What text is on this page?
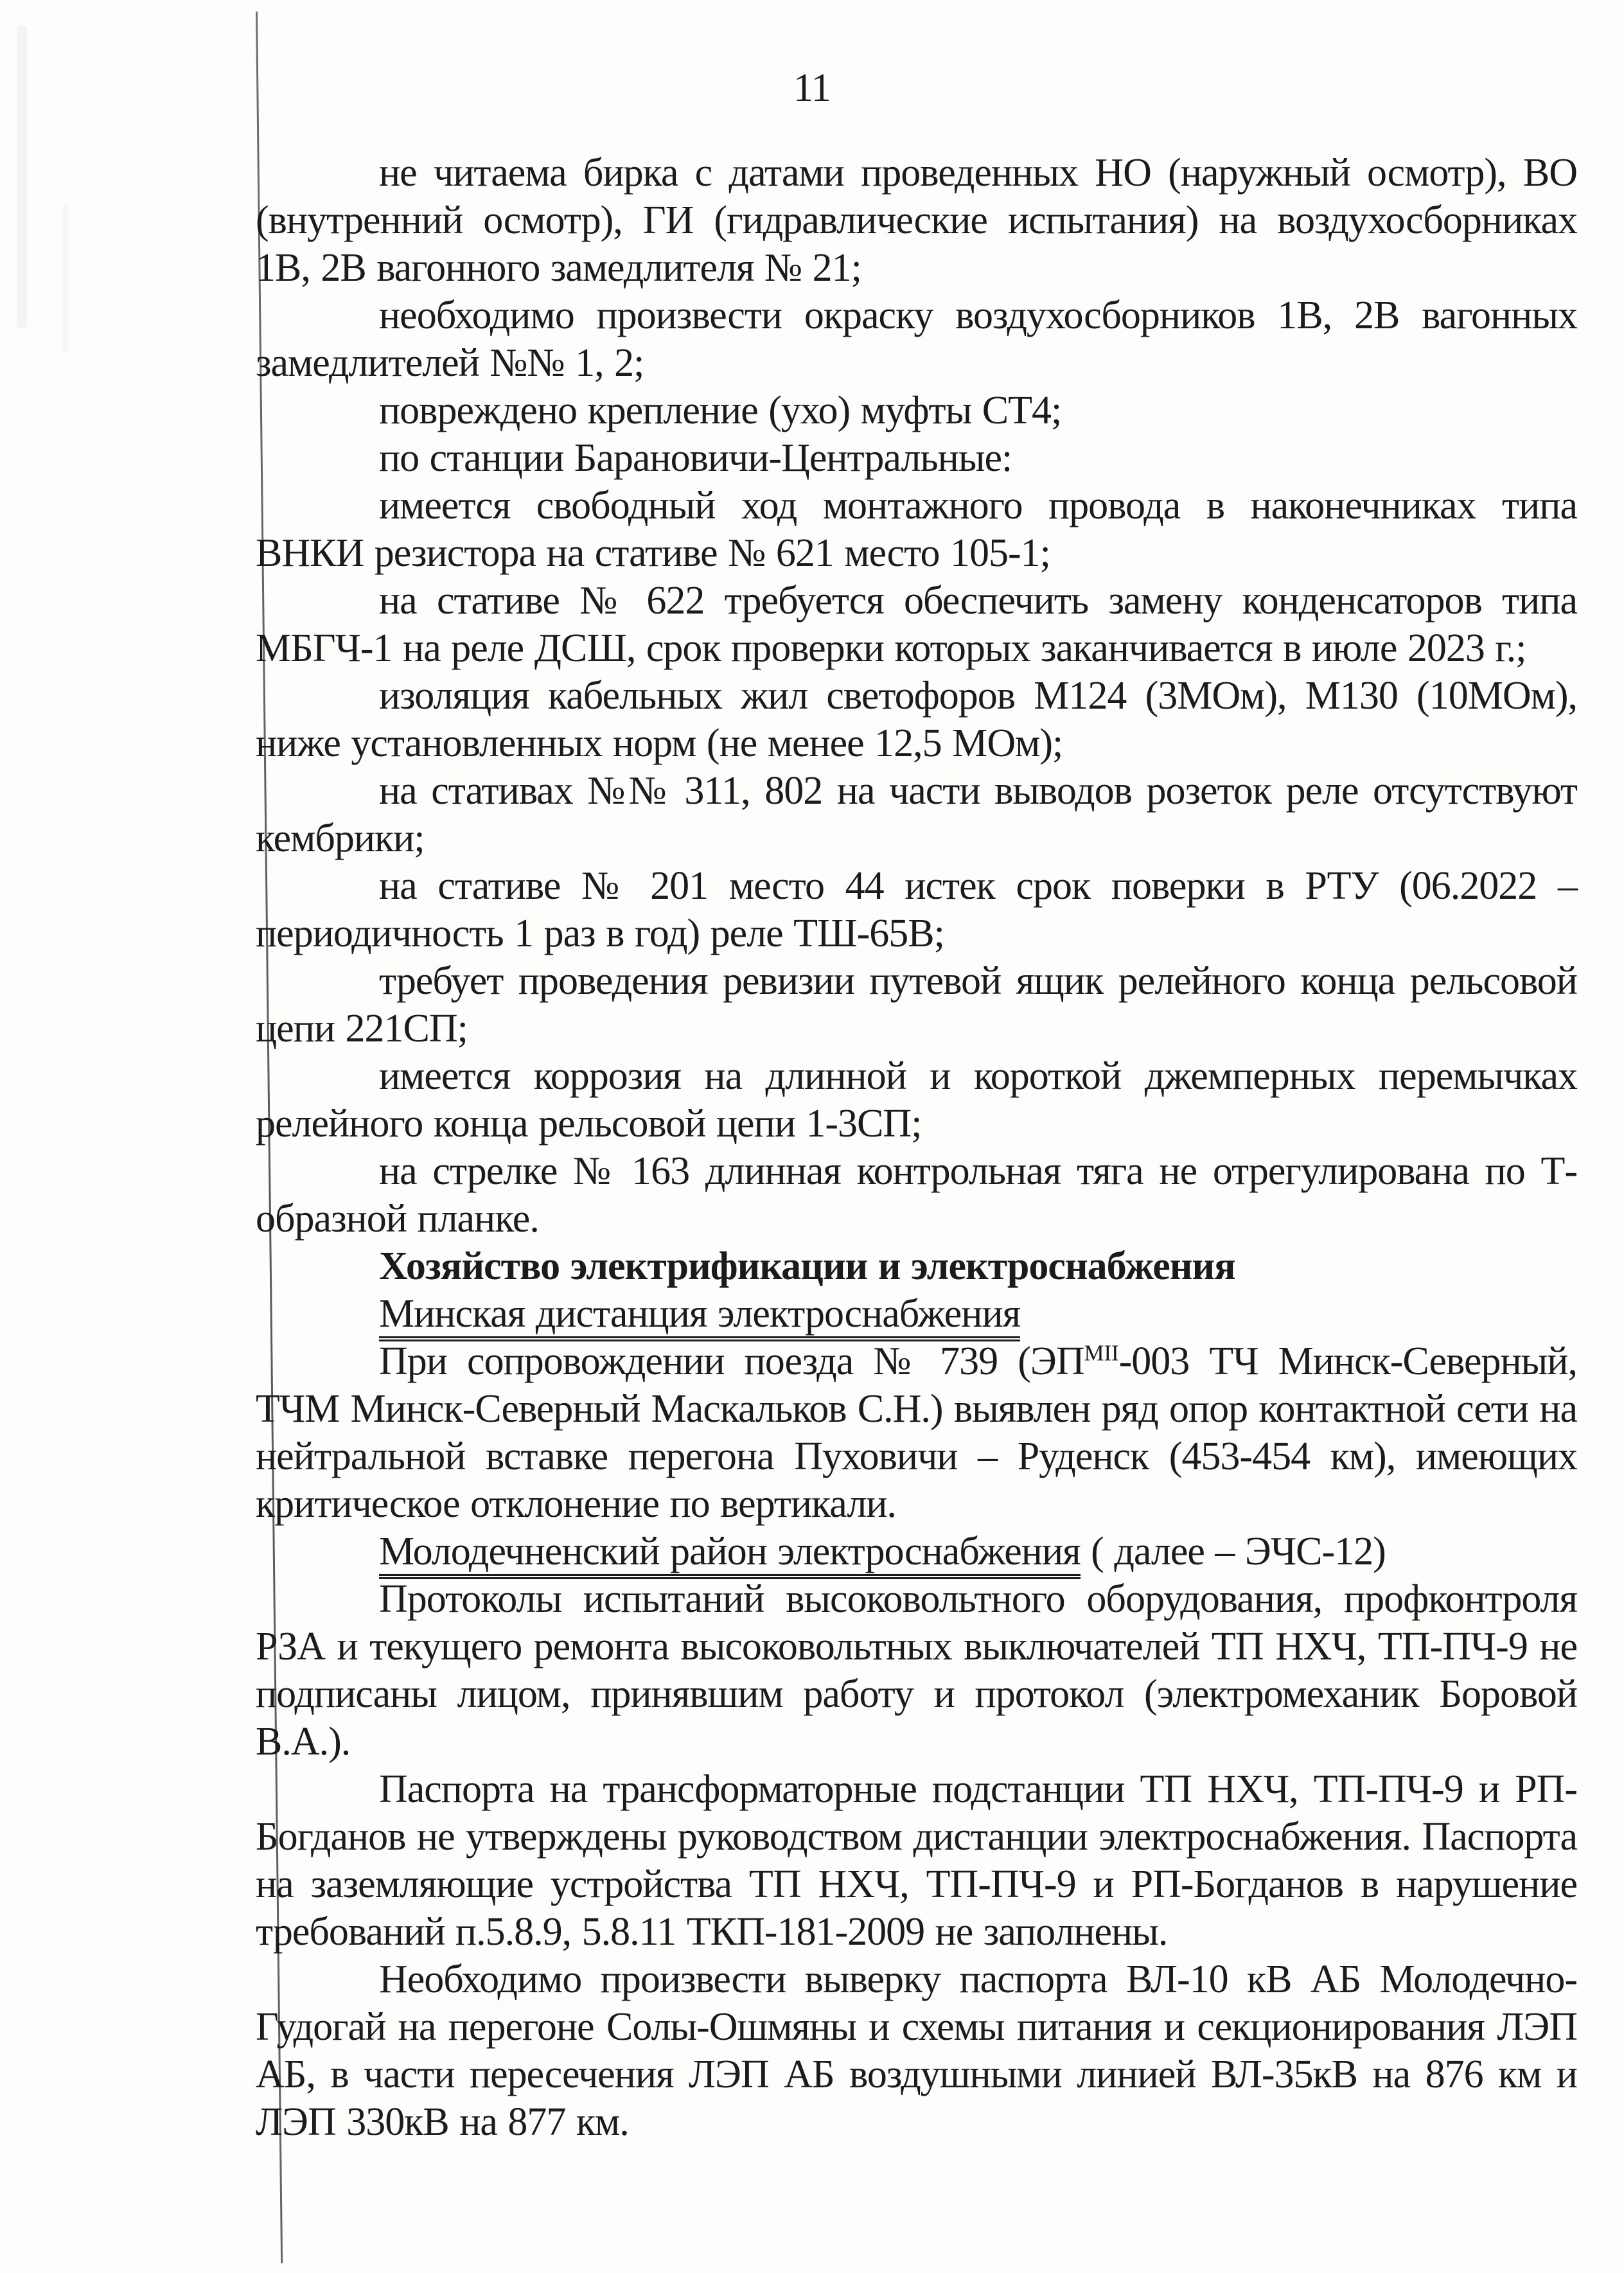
11

не читаема бирка с датами проведенных НО (наружный осмотр), ВО (внутренний осмотр), ГИ (гидравлические испытания) на воздухосборниках 1В, 2В вагонного замедлителя № 21;

необходимо произвести окраску воздухосборников 1В, 2В вагонных замедлителей №№ 1, 2;

повреждено крепление (ухо) муфты СТ4;

по станции Барановичи-Центральные:

имеется свободный ход монтажного провода в наконечниках типа ВНКИ резистора на стативе № 621 место 105-1;

на стативе № 622 требуется обеспечить замену конденсаторов типа МБГЧ-1 на реле ДСШ, срок проверки которых заканчивается в июле 2023 г.;

изоляция кабельных жил светофоров М124 (3МОм), М130 (10МОм), ниже установленных норм (не менее 12,5 МОм);

на стативах №№ 311, 802 на части выводов розеток реле отсутствуют кембрики;

на стативе № 201 место 44 истек срок поверки в РТУ (06.2022 – периодичность 1 раз в год) реле ТШ-65В;

требует проведения ревизии путевой ящик релейного конца рельсовой цепи 221СП;

имеется коррозия на длинной и короткой джемперных перемычках релейного конца рельсовой цепи 1-3СП;

на стрелке № 163 длинная контрольная тяга не отрегулирована по Т-образной планке.

Хозяйство электрификации и электроснабжения

Минская дистанция электроснабжения

При сопровождении поезда № 739 ($ЭП^{МII}-003$ ТЧ Минск-Северный, ТЧМ Минск-Северный Маскальков С.Н.) выявлен ряд опор контактной сети на нейтральной вставке перегона Пуховичи – Руденск (453-454 км), имеющих критическое отклонение по вертикали.

Молодечненский район электроснабжения ( далее – ЭЧС-12)

Протоколы испытаний высоковольтного оборудования, профконтроля РЗА и текущего ремонта высоковольтных выключателей ТП НХЧ, ТП-ПЧ-9 не подписаны лицом, принявшим работу и протокол (электромеханик Боровой В.А.).

Паспорта на трансформаторные подстанции ТП НХЧ, ТП-ПЧ-9 и РП-Богданов не утверждены руководством дистанции электроснабжения. Паспорта на заземляющие устройства ТП НХЧ, ТП-ПЧ-9 и РП-Богданов в нарушение требований п.5.8.9, 5.8.11 ТКП-181-2009 не заполнены.

Необходимо произвести выверку паспорта ВЛ-10 кВ АБ Молодечно-Гудогай на перегоне Солы-Ошмяны и схемы питания и секционирования ЛЭП АБ, в части пересечения ЛЭП АБ воздушными линией ВЛ-35кВ на 876 км и ЛЭП 330кВ на 877 км.
